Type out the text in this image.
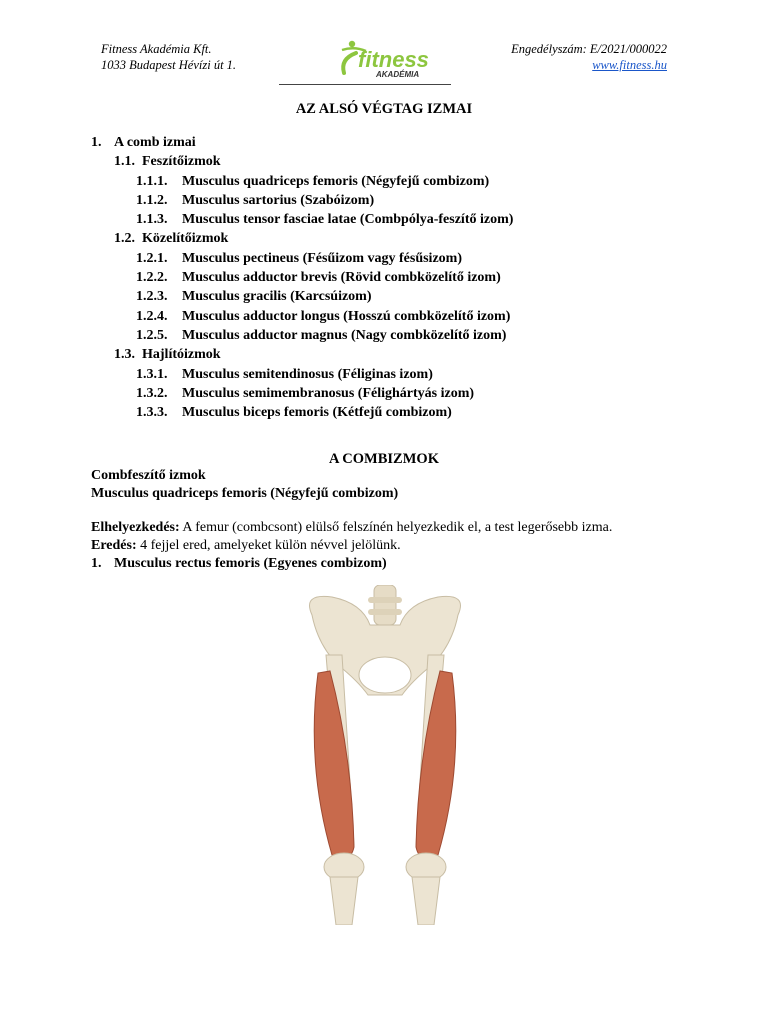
Fitness Akadémia Kft.
1033 Budapest Hévízi út 1.	fitness
AKADÉMIA
Engedélyszám: E/2021/000022
www.fitness.hu
AZ ALSÓ VÉGTAG IZMAI
1. A comb izmai
1.1. Feszítőizmok
1.1.1. Musculus quadriceps femoris (Négyfejű combizom)
1.1.2. Musculus sartorius (Szabóizom)
1.1.3. Musculus tensor fasciae latae (Combpólya-feszítő izom)
1.2. Közelítőizmok
1.2.1. Musculus pectineus (Fésűizom vagy fésűsizom)
1.2.2. Musculus adductor brevis (Rövid combközelítő izom)
1.2.3. Musculus gracilis (Karcsúizom)
1.2.4. Musculus adductor longus (Hosszú combközelítő izom)
1.2.5. Musculus adductor magnus (Nagy combközelítő izom)
1.3. Hajlítóizmok
1.3.1. Musculus semitendinosus (Féliginas izom)
1.3.2. Musculus semimembranosus (Félighártyás izom)
1.3.3. Musculus biceps femoris (Kétfejű combizom)
A COMBIZMOK
Combfeszítő izmok
Musculus quadriceps femoris (Négyfejű combizom)
Elhelyezkedés: A femur (combcsont) elülső felszínén helyezkedik el, a test legerősebb izma.
Eredés: 4 fejjel ered, amelyeket külön névvel jelölünk.
1. Musculus rectus femoris (Egyenes combizom)
